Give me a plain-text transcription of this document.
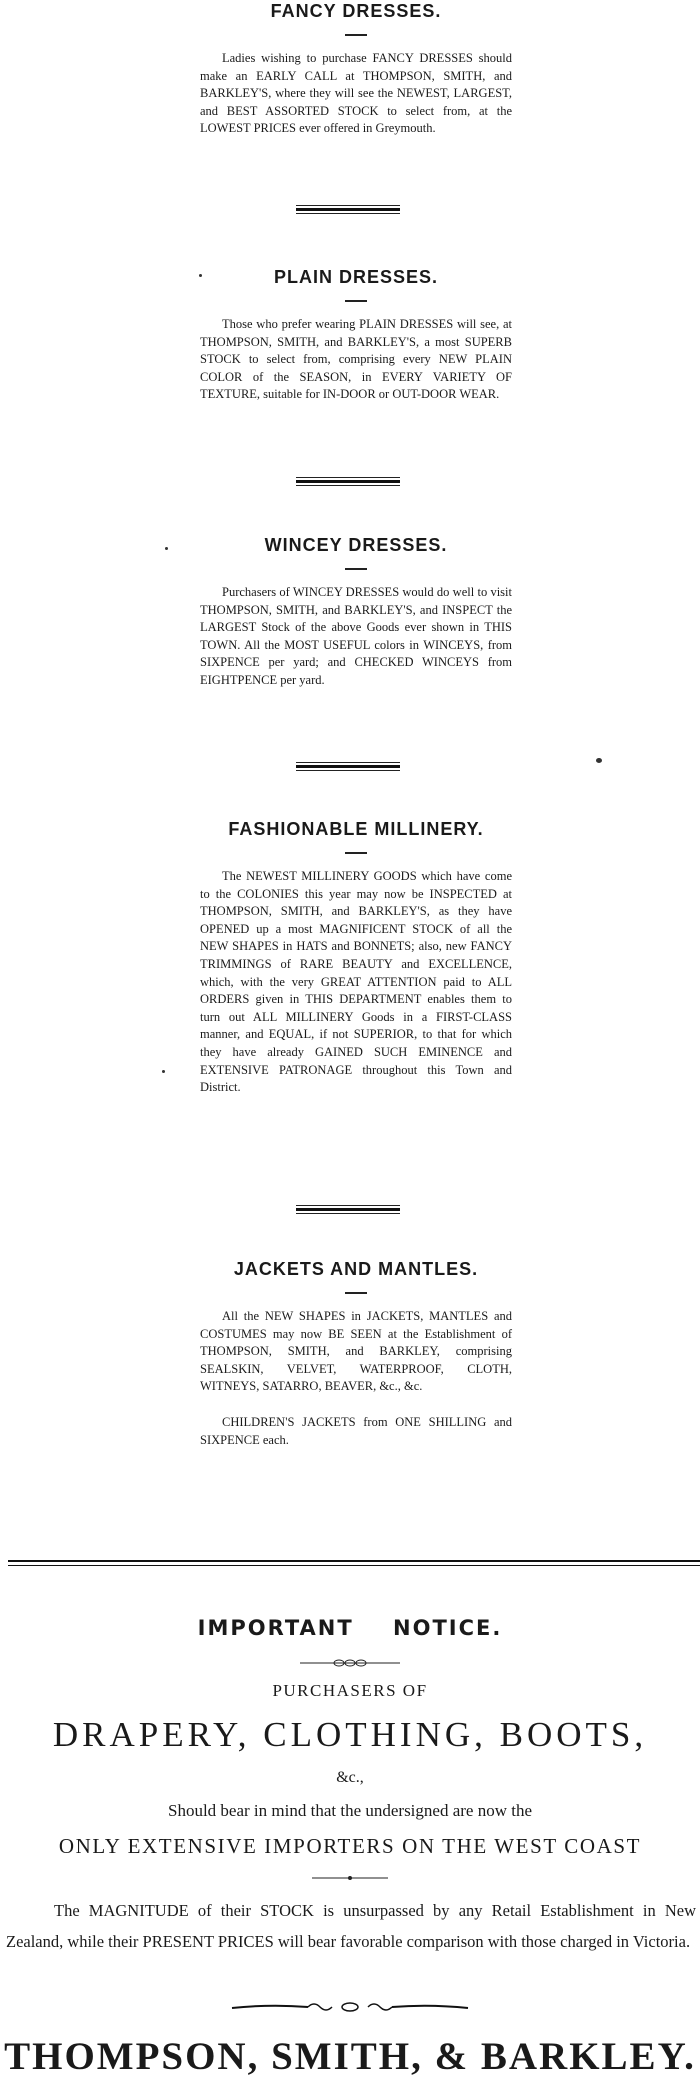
FANCY DRESSES.

Ladies wishing to purchase FANCY DRESSES should make an EARLY CALL at THOMPSON, SMITH, and BARKLEY'S, where they will see the NEWEST, LARGEST, and BEST ASSORTED STOCK to select from, at the LOWEST PRICES ever offered in Greymouth.

PLAIN DRESSES.

Those who prefer wearing PLAIN DRESSES will see, at THOMPSON, SMITH, and BARKLEY'S, a most SUPERB STOCK to select from, comprising every NEW PLAIN COLOR of the SEASON, in EVERY VARIETY OF TEXTURE, suitable for IN-DOOR or OUT-DOOR WEAR.

WINCEY DRESSES.

Purchasers of WINCEY DRESSES would do well to visit THOMPSON, SMITH, and BARKLEY'S, and INSPECT the LARGEST Stock of the above Goods ever shown in THIS TOWN. All the MOST USEFUL colors in WINCEYS, from SIXPENCE per yard; and CHECKED WINCEYS from EIGHTPENCE per yard.

FASHIONABLE MILLINERY.

The NEWEST MILLINERY GOODS which have come to the COLONIES this year may now be INSPECTED at THOMPSON, SMITH, and BARKLEY'S, as they have OPENED up a most MAGNIFICENT STOCK of all the NEW SHAPES in HATS and BONNETS; also, new FANCY TRIMMINGS of RARE BEAUTY and EXCELLENCE, which, with the very GREAT ATTENTION paid to ALL ORDERS given in THIS DEPARTMENT enables them to turn out ALL MILLINERY Goods in a FIRST-CLASS manner, and EQUAL, if not SUPERIOR, to that for which they have already GAINED SUCH EMINENCE and EXTENSIVE PATRONAGE throughout this Town and District.

JACKETS AND MANTLES.

All the NEW SHAPES in JACKETS, MANTLES and COSTUMES may now BE SEEN at the Establishment of THOMPSON, SMITH, and BARKLEY, comprising SEALSKIN, VELVET, WATERPROOF, CLOTH, WITNEYS, SATARRO, BEAVER, &c., &c.

CHILDREN'S JACKETS from ONE SHILLING and SIXPENCE each.

IMPORTANT NOTICE.

PURCHASERS OF

DRAPERY, CLOTHING, BOOTS,

&c.,

Should bear in mind that the undersigned are now the

ONLY EXTENSIVE IMPORTERS ON THE WEST COAST

The MAGNITUDE of their STOCK is unsurpassed by any Retail Establishment in New Zealand, while their PRESENT PRICES will bear favorable comparison with those charged in Victoria.

THOMPSON, SMITH, & BARKLEY.
